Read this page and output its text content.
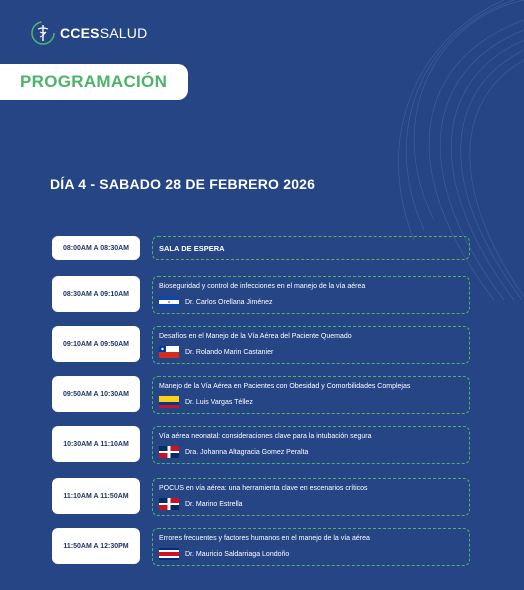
CCESSALUD
PROGRAMACIÓN
DÍA 4 - SABADO 28 DE FEBRERO 2026
08:00AM A 08:30AM	SALA DE ESPERA
08:30AM A 09:10AM
Bioseguridad y control de infecciones en el manejo de la vía aérea
Dr. Carlos Orellana Jiménez
09:10AM A 09:50AM
Desafíos en el Manejo de la Vía Aérea del Paciente Quemado
Dr. Rolando Marin Castanier
09:50AM A 10:30AM
Manejo de la Vía Aérea en Pacientes con Obesidad y Comorbilidades Complejas
Dr. Luis Vargas Téllez
10:30AM A 11:10AM
Vía aérea neonatal: consideraciones clave para la intubación segura
Dra. Johanna Altagracia Gomez Peralta
11:10AM A 11:50AM
POCUS en vía aérea: una herramienta clave en escenarios críticos
Dr. Marino Estrella
11:50AM A 12:30PM
Errores frecuentes y factores humanos en el manejo de la vía aérea
Dr. Mauricio Saldarriaga Londoño
